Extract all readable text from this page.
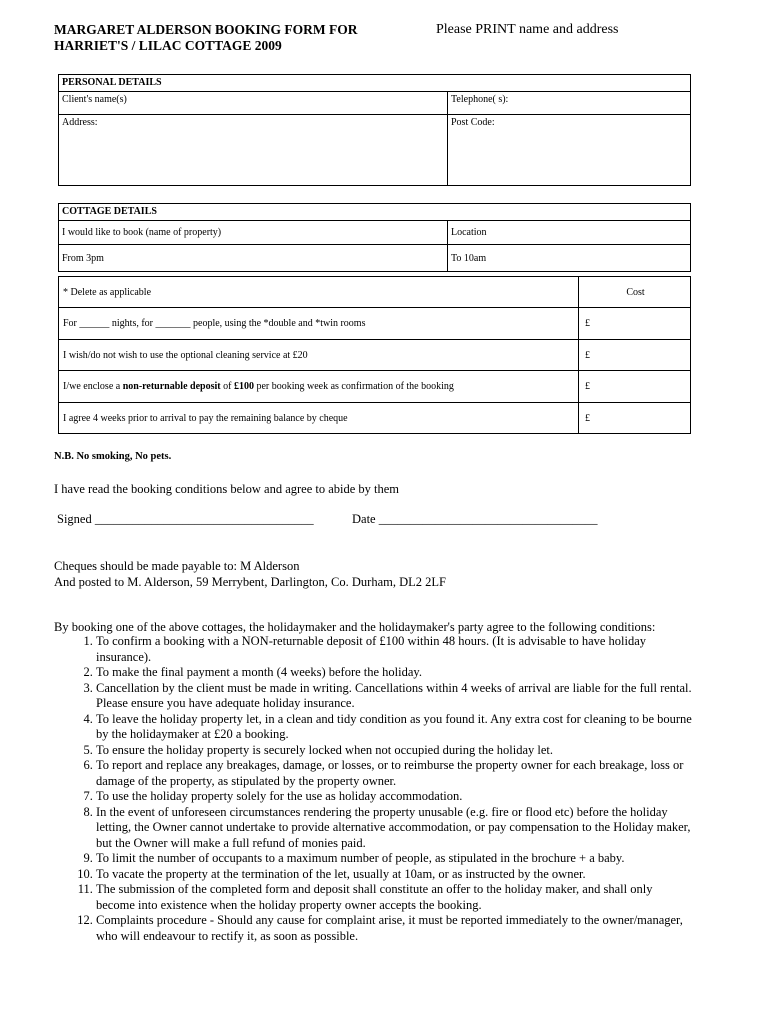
MARGARET ALDERSON BOOKING FORM FOR
HARRIET'S / LILAC COTTAGE 2009
Please PRINT name and address
PERSONAL DETAILS	
Client's name(s)	Telephone( s):
Address:	Post Code:
COTTAGE DETAILS	
I would like to book (name of property)	Location
From 3pm	To 10am
* Delete as applicable	Cost
For ______ nights, for _______ people, using the *double and *twin rooms	£
I wish/do not wish to use the optional cleaning service at £20	£
I/we enclose a non-returnable deposit of £100 per booking week as confirmation of the booking	£
I agree 4 weeks prior to arrival to pay the remaining balance by cheque	£
N.B. No smoking, No pets.
I have read the booking conditions below and agree to abide by them
Signed ___________________________________	Date ___________________________________
Cheques should be made payable to: M Alderson
And posted to M. Alderson, 59 Merrybent, Darlington, Co. Durham, DL2 2LF
By booking one of the above cottages, the holidaymaker and the holidaymaker's party agree to the following conditions:
1. To confirm a booking with a NON-returnable deposit of £100 within 48 hours. (It is advisable to have holiday insurance).
2. To make the final payment a month (4 weeks) before the holiday.
3. Cancellation by the client must be made in writing. Cancellations within 4 weeks of arrival are liable for the full rental. Please ensure you have adequate holiday insurance.
4. To leave the holiday property let, in a clean and tidy condition as you found it. Any extra cost for cleaning to be bourne by the holidaymaker at £20 a booking.
5. To ensure the holiday property is securely locked when not occupied during the holiday let.
6. To report and replace any breakages, damage, or losses, or to reimburse the property owner for each breakage, loss or damage of the property, as stipulated by the property owner.
7. To use the holiday property solely for the use as holiday accommodation.
8. In the event of unforeseen circumstances rendering the property unusable (e.g. fire or flood etc) before the holiday letting, the Owner cannot undertake to provide alternative accommodation, or pay compensation to the Holiday maker, but the Owner will make a full refund of monies paid.
9. To limit the number of occupants to a maximum number of people, as stipulated in the brochure + a baby.
10. To vacate the property at the termination of the let, usually at 10am, or as instructed by the owner.
11. The submission of the completed form and deposit shall constitute an offer to the holiday maker, and shall only become into existence when the holiday property owner accepts the booking.
12. Complaints procedure - Should any cause for complaint arise, it must be reported immediately to the owner/manager, who will endeavour to rectify it, as soon as possible.
